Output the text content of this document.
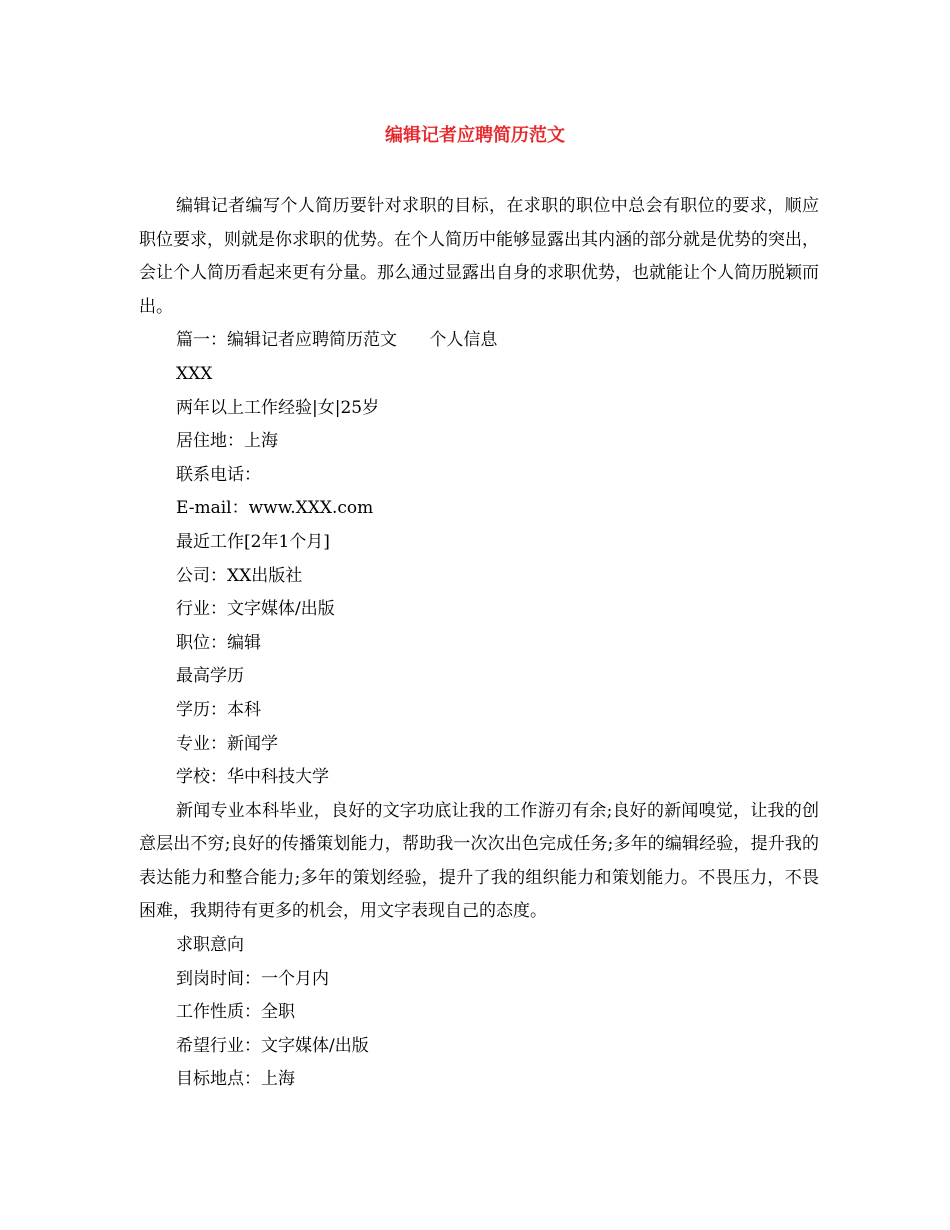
编辑记者应聘简历范文

编辑记者编写个人简历要针对求职的目标，在求职的职位中总会有职位的要求，顺应职位要求，则就是你求职的优势。在个人简历中能够显露出其内涵的部分就是优势的突出，会让个人简历看起来更有分量。那么通过显露出自身的求职优势，也就能让个人简历脱颖而出。

篇一：编辑记者应聘简历范文      个人信息

XXX

两年以上工作经验|女|25岁

居住地：上海

联系电话：

E-mail：www.XXX.com

最近工作[2年1个月]

公司：XX出版社

行业：文字媒体/出版

职位：编辑

最高学历

学历：本科

专业：新闻学

学校：华中科技大学

新闻专业本科毕业，良好的文字功底让我的工作游刃有余;良好的新闻嗅觉，让我的创意层出不穷;良好的传播策划能力，帮助我一次次出色完成任务;多年的编辑经验，提升我的表达能力和整合能力;多年的策划经验，提升了我的组织能力和策划能力。不畏压力，不畏困难，我期待有更多的机会，用文字表现自己的态度。

求职意向

到岗时间：一个月内

工作性质：全职

希望行业：文字媒体/出版

目标地点：上海
